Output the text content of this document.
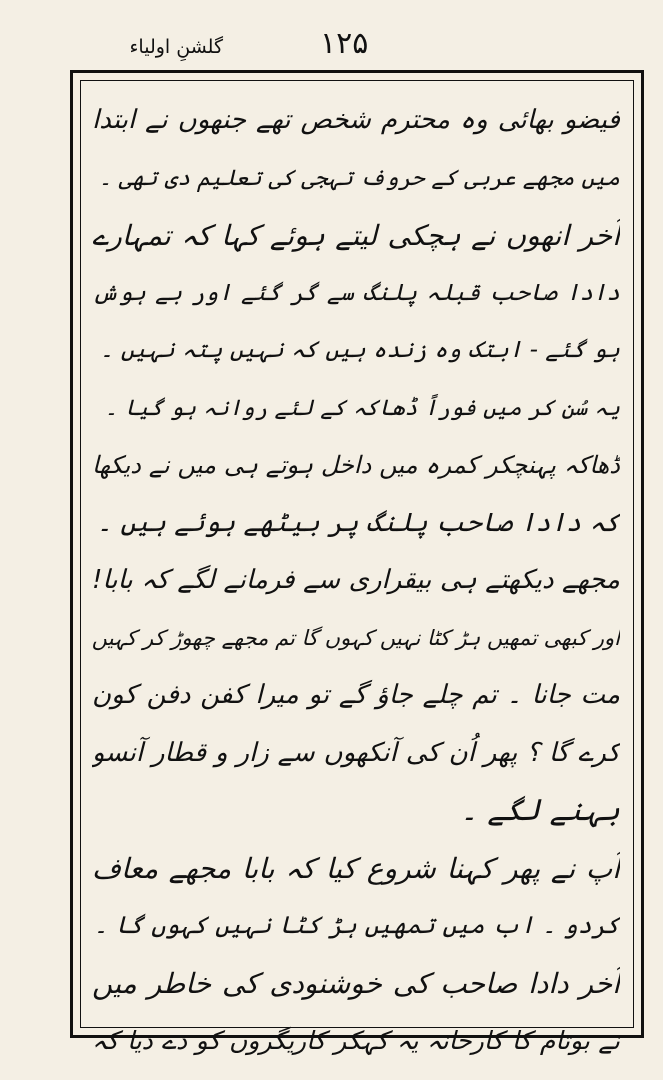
گلشنِ اولیاء	۱۲۵
فیضو بھائی وہ محترم شخص تھے جنھوں نے ابتدا
میں مجھے عربی کے حروف تہجی کی تعلیم دی تھی ۔
آخر انھوں نے ہچکی لیتے ہوئے کہا کہ تمہارے
دادا صاحب قبلہ پلنگ سے گر گئے اور بے ہوش
ہو گئے - ابتک وہ زندہ ہیں کہ نہیں پتہ نہیں ۔
یہ سُن کر میں فوراً ڈھاکہ کے لئے روانہ ہو گیا ۔
ڈھاکہ پہنچکر کمرہ میں داخل ہوتے ہی میں نے دیکھا
کہ دادا صاحب پلنگ پر بیٹھے ہوئے ہیں ۔
مجھے دیکھتے ہی بیقراری سے فرمانے لگے کہ بابا!
اور کبھی تمھیں ہڑ کٹا نہیں کہوں گا تم مجھے چھوڑ کر کہیں
مت جانا ۔ تم چلے جاؤ گے تو میرا کفن دفن کون
کرے گا ؟ پھر اُن کی آنکھوں سے زار و قطار آنسو
بہنے لگے ۔
آپ نے پھر کہنا شروع کیا کہ بابا مجھے معاف
کردو ۔ اب میں تمھیں ہڑ کٹا نہیں کہوں گا ۔
آخر دادا صاحب کی خوشنودی کی خاطر میں
نے بوتام کا کارخانہ یہ کہکر کاریگروں کو دے دیا کہ
